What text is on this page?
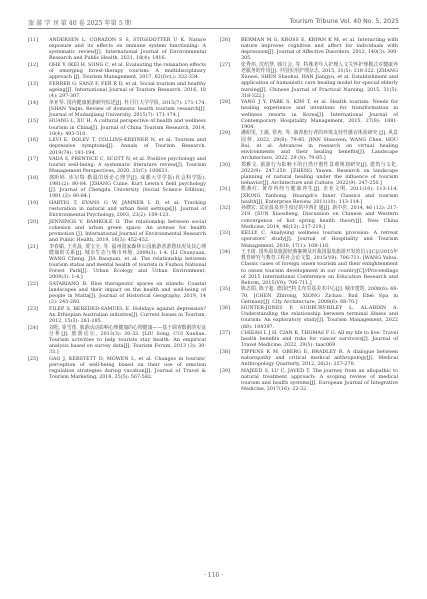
旅 游 学 刊 第 40 卷 2025 年第 5 期	Tourism Tribune Vol. 40 No. 5, 2025
[11] ANDERSEN L, CORAZON S S, STIGSDOTTER U K. Nature exposure and its effects on immune system functioning: A systematic review[J]. International Journal of Environmental Research and Public Health, 2021, 18(4): 1416.
[12] OHE Y, IKEI H, SONG C, et al. Evaluating the relaxation effects of emerging forest-therapy tourism: A multidisciplinary approach [J]. Tourism Management, 2017, 62(Oct.): 322-334.
[13] FERRER G, SANZ F, FER R D, et al. Social tourism and healthy ageing[J]. International Journal of Tourism Research, 2016, 18 (4): 297-307.
[14] 单亚琴. 国内健康旅游研究综述[J]. 牡丹江大学学报, 2015(7): 171-174. [SHAN Yaqin. Review of domestic health tourism research[J]. Journal of Mudanjiang University, 2015(7): 171-174.]
[15] HUANG L, XU H. A cultural perspective of health and wellness tourism in China[J]. Journal of China Tourism Research, 2014, 10(4): 493-510.
[16] LEVI E, DOLEV T, COLLINS-KREINER N, et al. Tourism and depressive symptoms[J]. Annals of Tourism Research, 2019(74): 191-194.
[17] VADA S, PRENTICE C, SCOTT N, et al. Positive psychology and tourist well-being: A systematic literature review[J]. Tourism Management Perspectives, 2020, 33(C): 100631.
[18] 郭昕婷. 库尔特·勒温的场论心理学[J]. 成都大学学报(社会科学版), 1981(2): 80-84. [ZHANG Cuine. Kurt Lewin's field psychology [J]. Journal of Chengdu University (Social Science Edition), 1981 (2): 80-84.]
[19] HARTIG T, EVANS G W, JAMNER L D, et al. Tracking restoration in natural and urban field settings[J]. Journal of Environmental Psychology, 2003, 23(2): 109-123.
[20] JENNINGS V, BAMKOLE O. The relationship between social cohesion and urban green space: An avenue for health promotion [J]. International Journal of Environmental Research and Public Health, 2019, 16(3): 452-452.
[21] 李春媚, 王兆晨, 贾宝全, 等. 福州国家森林公园旅游者游憩状况及其心理健康的关系[J]. 城市生态与城市环境, 2009(3): 1-4. [LI Chunyuan, WANG Cheng, JIA Baoquan, et al. The relationship between tourism status and mental health of tourists in Fuzhou National Forest Park[J]. Urban Ecology and Urban Environment, 2009(3): 1-4.]
[22] SATARIANO B. Blue therapeutic spaces on islands: Coastal landscapes and their impact on the health and well-being of people in Malta[J]. Journal of Historical Geography, 2019, 14 (2): 245-260.
[23] FILEP S, BEREDED-SAMUEL E. Holidays against depression? An Ethiopian Australian initiative[J]. Current Issues in Tourism, 2012, 15(3): 281-285.
[24] 刘松, 崔雪莲. 旅游活动影响心理健康的心理健康——基于调查数据的实证分析[J]. 旅游论坛, 2013(3): 30-33. [LIU Song, CUI Xuelian. Tourism activities to help tourists stay health: An empirical analysis based on survey data[J]. Tourism Forum, 2013 (3): 30-33.]
[25] GAO J, KERSTETT D, MOWEN L, et al. Changes in tourists' perception of well-being based on their use of emotion regulation strategies during vacation[J]. Journal of Travel & Tourism Marketing, 2018, 35(5): 567-582.
[26] BERMAN M G, KROSS E, KRPAN K M, et al. Interacting with nature improves cognition and affect for individuals with depression[J]. Journal of Affective Disorders, 2012, 140(3): 300-305.
[27] 张秀伟, 沈绍慧, 韩江会, 等. 特殊老年人护理人文关怀护理模式对健康养老服务的作用[J]. 中国实用护理杂志, 2015, 31(5): 318-322. [ZHANG Xiuwei, SHEN Shaohui, HAN Jiangyu, et al. Establishment and application of humanistic care healing model for special elderly nursing[J]. Chinese Journal of Practical Nursing, 2015, 31(5): 318-322.]
[28] YANG J Y, PARK S, KIM T, et al. Health tourism: Needs for healing experience and intentions for transformation in wellness resorts in Korea[J]. International Journal of Contemporary Hospitality Management, 2015, 27(8): 1881-1904.
[29] 潘昭雯, 王薇, 侯冉, 等. 康养旅行者的环境支持性感官体验研究 [J]. 风景园林, 2022, 29(8): 79-85. [PAN Shaowen, WANG Chen, HOU Rui, et al. Advances in research on virtual healing environments and their healing benefits[J]. Landscape Architecture, 2022, 29 (8): 79-85.]
[30] 郑雅文. 旅游行为影响下的自然疗愈性景观规划研究[J]. 建筑与文化, 2022(9): 247-250. [ZHENG Yawen. Research on landscape planning of natural healing under the influence of tourism behavior[J]. Architecture and Culture, 2022(9): 247-250.]
[31] 熊燕红. 黄帝内经与健康养生[J]. 企业文明, 2011(10): 113-114. [XIONG Yanhong. Huangdi's Inner Classics and tourism health[J]. Enterprise Review, 2011(10): 113-114.]
[32] 孙晓宏. 试论温泉养生度论的中西汇通[J]. 新中医, 2014, 46 (12): 217-219. [SUN Xiaosheng. Discussion on Chinese and Western convergence of hot spring health theory[J]. New China Medicine, 2014, 46(12): 217-219.]
[33] KELLY C. Analysing wellness tourism provision: A retreat operators' study[J]. Journal of Hospitality and Tourism Management, 2010, 17(1): 108-116.
[34] 王玉琦. 国外温泉旅游经典案例及对我国温泉旅游开发的启示[C]//2015年教育研究与教育工程社会论文集, 2015(V9): 706-711. [WANG Yuhui. Classic cases of foreign onsen tourism and their enlightenment to onsen tourism development in our country[C]//Proceedings of 2015 International Conference on Education Research and Reform, 2015(V9): 706-711.]
[35] 陈志瑞, 陈子超. 德国巴特艾布里基美术中心[J]. 城市建筑, 2008(6): 68-70. [CHEN Zhirong, XIONG Zichao. Bad Ebel Spa in Germany[J]. City Architecture, 2008(6): 68-70.]
[36] HUNTER-JONES P, SUDBURY-RILEY L, AL-ABDIN A. Understanding the relationship between terminal illness and tourism: An exploratory study[J]. Tourism Management, 2022 (88): 104397.
[37] CHIEAH L J H, CIAN K, THOMAS F G. All my life to live: Travel health benefits and risks for cancer survivors[J]. Journal of Travel Medicine, 2022, 29(5): taac069.
[38] TIPPENS K M, OBERG E, BRADLEY R. A dialogue between naturopathy and critical medical anthropology[J]. Medical Anthropology Quarterly, 2012, 26(2): 257-270.
[39] MAJEED S, LU C, JAVED T. The journey from an allopathic to natural treatment approach: A scoping review of medical tourism and health systems[J]. European Journal of Integrative Medicine, 2017(16): 22-32.
· 116 ·
